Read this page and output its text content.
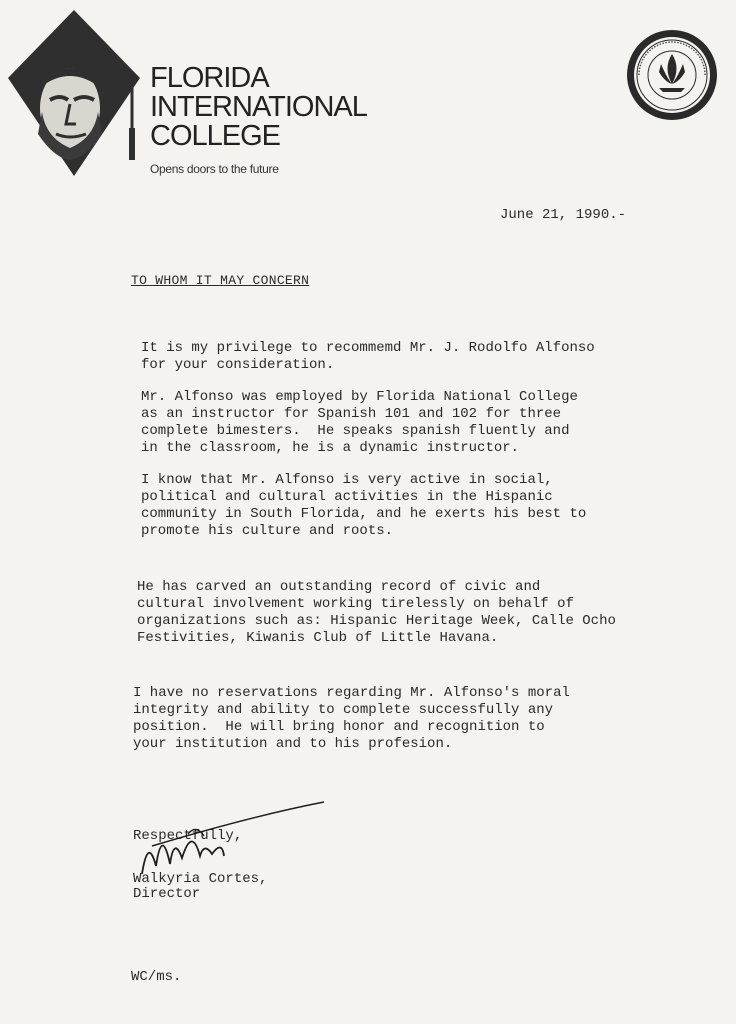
FLORIDA
INTERNATIONAL
COLLEGE
Opens doors to the future
June 21, 1990.-
TO WHOM IT MAY CONCERN

It is my privilege to recommemd Mr. J. Rodolfo Alfonso
for your consideration.

Mr. Alfonso was employed by Florida National College
as an instructor for Spanish 101 and 102 for three
complete bimesters.  He speaks spanish fluently and
in the classroom, he is a dynamic instructor.

I know that Mr. Alfonso is very active in social,
political and cultural activities in the Hispanic
community in South Florida, and he exerts his best to
promote his culture and roots.

He has carved an outstanding record of civic and
cultural involvement working tirelessly on behalf of
organizations such as: Hispanic Heritage Week, Calle Ocho
Festivities, Kiwanis Club of Little Havana.

I have no reservations regarding Mr. Alfonso's moral
integrity and ability to complete successfully any
position.  He will bring honor and recognition to
your institution and to his profesion.

Respectfully,
Walkyria Cortes,
Director
WC/ms.
